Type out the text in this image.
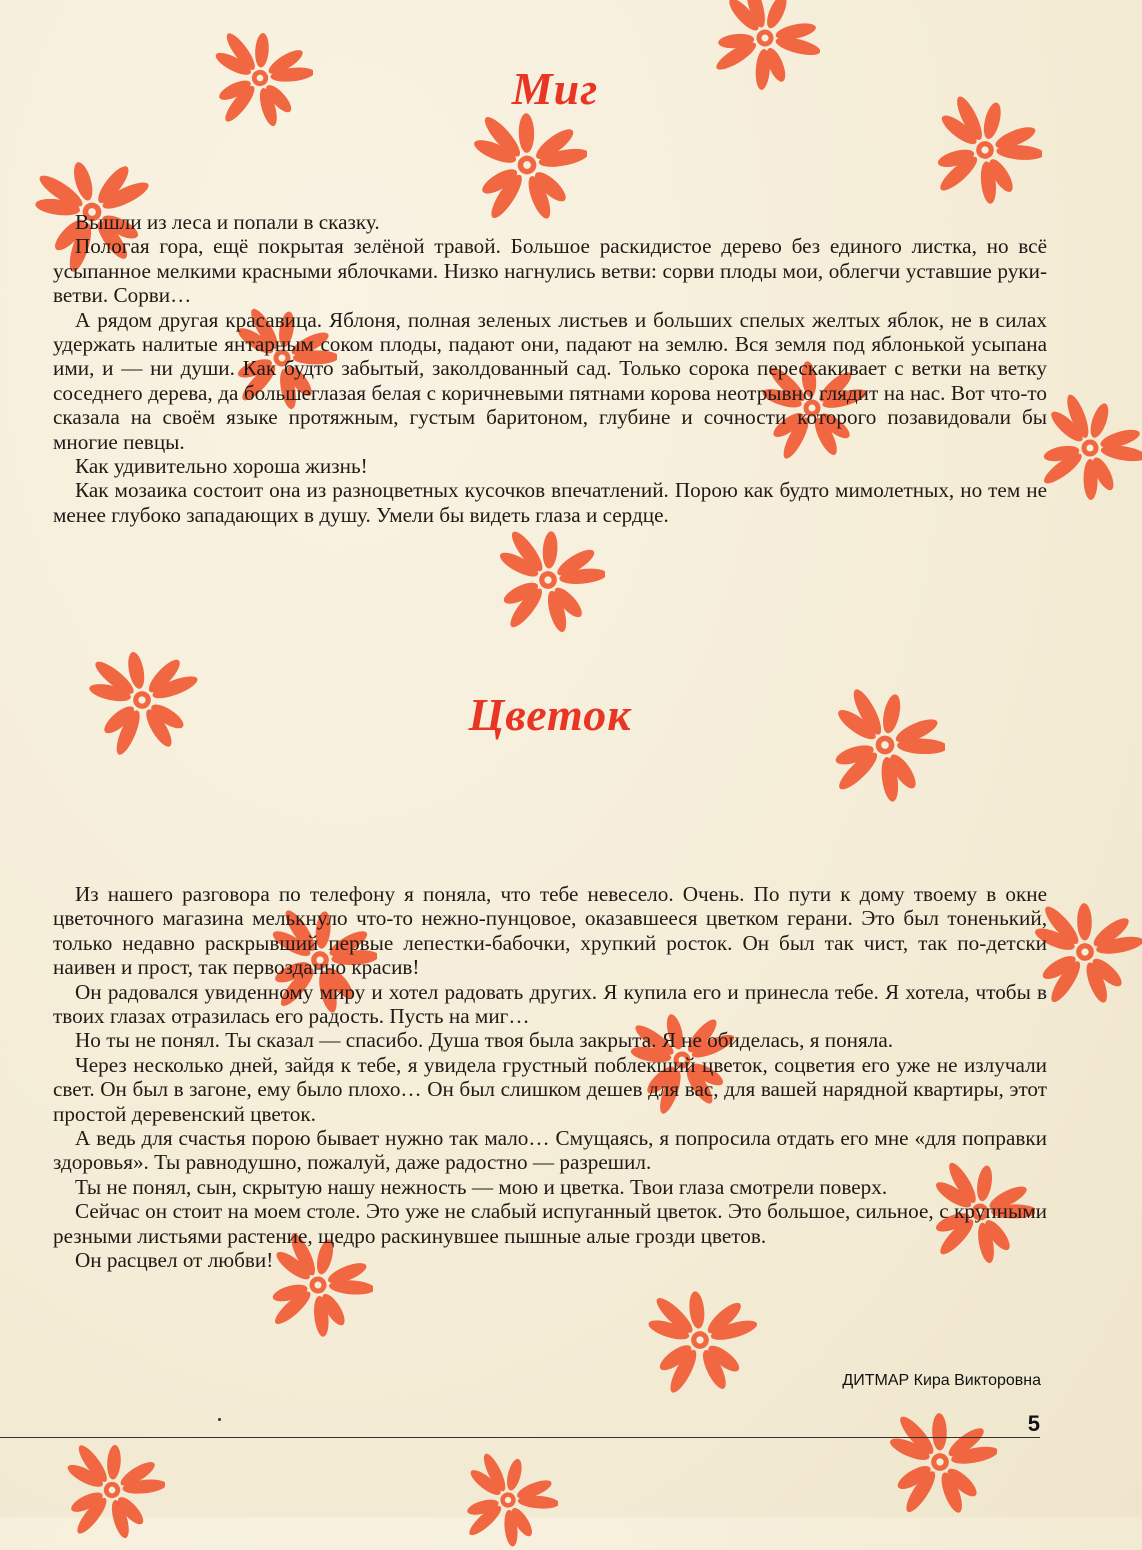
Миг

Вышли из леса и попали в сказку.

Пологая гора, ещё покрытая зелёной травой. Большое раскидистое дерево без единого листка, но всё усыпанное мелкими красными яблочками. Низко нагнулись ветви: сорви плоды мои, облегчи уставшие руки-ветви. Сорви…

А рядом другая красавица. Яблоня, полная зеленых листьев и больших спелых желтых яблок, не в силах удержать налитые янтарным соком плоды, падают они, падают на землю. Вся земля под яблонькой усыпана ими, и — ни души. Как будто забытый, заколдованный сад. Только сорока перескакивает с ветки на ветку соседнего дерева, да большеглазая белая с коричневыми пятнами корова неотрывно глядит на нас. Вот что-то сказала на своём языке протяжным, густым баритоном, глубине и сочности которого позавидовали бы многие певцы.

Как удивительно хороша жизнь!

Как мозаика состоит она из разноцветных кусочков впечатлений. Порою как будто мимолетных, но тем не менее глубоко западающих в душу. Умели бы видеть глаза и сердце.

Цветок

Из нашего разговора по телефону я поняла, что тебе невесело. Очень. По пути к дому твоему в окне цветочного магазина мелькнуло что-то нежно-пунцовое, оказавшееся цветком герани. Это был тоненький, только недавно раскрывший первые лепестки-бабочки, хрупкий росток. Он был так чист, так по-детски наивен и прост, так первозданно красив!

Он радовался увиденному миру и хотел радовать других. Я купила его и принесла тебе. Я хотела, чтобы в твоих глазах отразилась его радость. Пусть на миг…

Но ты не понял. Ты сказал — спасибо. Душа твоя была закрыта. Я не обиделась, я поняла.

Через несколько дней, зайдя к тебе, я увидела грустный поблекший цветок, соцветия его уже не излучали свет. Он был в загоне, ему было плохо… Он был слишком дешев для вас, для вашей нарядной квартиры, этот простой деревенский цветок.

А ведь для счастья порою бывает нужно так мало… Смущаясь, я попросила отдать его мне «для поправки здоровья». Ты равнодушно, пожалуй, даже радостно — разрешил.

Ты не понял, сын, скрытую нашу нежность — мою и цветка. Твои глаза смотрели поверх.

Сейчас он стоит на моем столе. Это уже не слабый испуганный цветок. Это большое, сильное, с крупными резными листьями растение, щедро раскинувшее пышные алые грозди цветов.

Он расцвел от любви!

ДИТМАР Кира Викторовна
5
